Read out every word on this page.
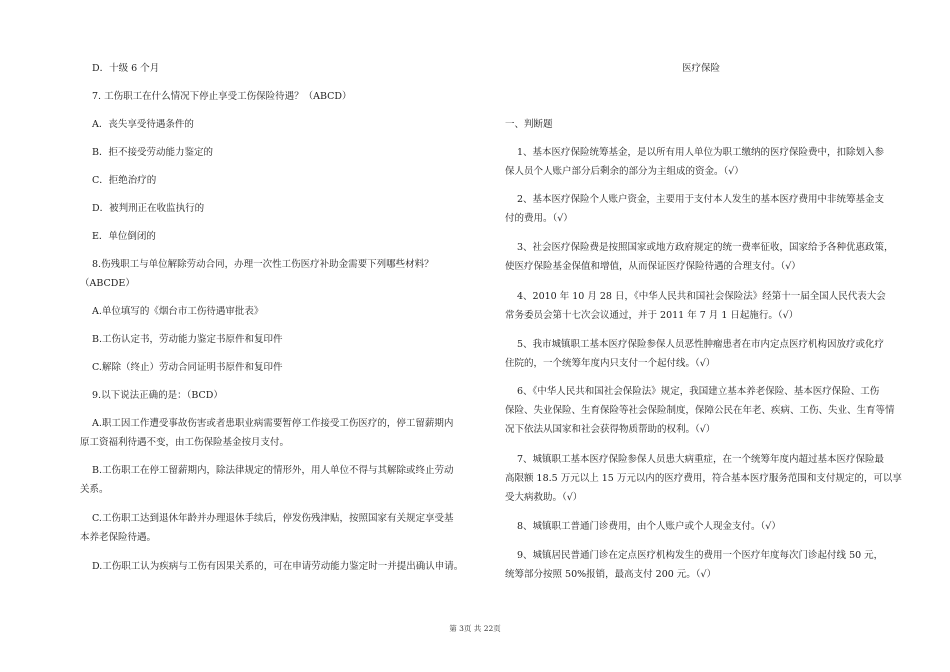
D．十级 6 个月
7. 工伤职工在什么情况下停止享受工伤保险待遇？（ABCD）
A．丧失享受待遇条件的
B．拒不接受劳动能力鉴定的
C．拒绝治疗的
D．被判刑正在收监执行的
E．单位倒闭的
8.伤残职工与单位解除劳动合同，办理一次性工伤医疗补助金需要下列哪些材料？
（ABCDE）
A.单位填写的《烟台市工伤待遇审批表》
B.工伤认定书，劳动能力鉴定书原件和复印件
C.解除（终止）劳动合同证明书原件和复印件
9.以下说法正确的是：（BCD）
A.职工因工作遭受事故伤害或者患职业病需要暂停工作接受工伤医疗的，停工留薪期内
原工资福利待遇不变，由工伤保险基金按月支付。
B.工伤职工在停工留薪期内，除法律规定的情形外，用人单位不得与其解除或终止劳动
关系。
C.工伤职工达到退休年龄并办理退休手续后，停发伤残津贴，按照国家有关规定享受基
本养老保险待遇。
D.工伤职工认为疾病与工伤有因果关系的，可在申请劳动能力鉴定时一并提出确认申请。
医疗保险
一、判断题
1、基本医疗保险统筹基金，是以所有用人单位为职工缴纳的医疗保险费中，扣除划入参
保人员个人账户部分后剩余的部分为主组成的资金。（√）
2、基本医疗保险个人账户资金，主要用于支付本人发生的基本医疗费用中非统筹基金支
付的费用。（√）
3、社会医疗保险费是按照国家或地方政府规定的统一费率征收，国家给予各种优惠政策，
使医疗保险基金保值和增值，从而保证医疗保险待遇的合理支付。（√）
4、2010 年 10 月 28 日，《中华人民共和国社会保险法》经第十一届全国人民代表大会
常务委员会第十七次会议通过，并于 2011 年 7 月 1 日起施行。（√）
5、我市城镇职工基本医疗保险参保人员恶性肿瘤患者在市内定点医疗机构因放疗或化疗
住院的，一个统筹年度内只支付一个起付线。（√）
6、《中华人民共和国社会保险法》规定，我国建立基本养老保险、基本医疗保险、工伤
保险、失业保险、生育保险等社会保险制度，保障公民在年老、疾病、工伤、失业、生育等情
况下依法从国家和社会获得物质帮助的权利。（√）
7、城镇职工基本医疗保险参保人员患大病重症，在一个统筹年度内超过基本医疗保险最
高限额 18.5 万元以上 15 万元以内的医疗费用，符合基本医疗服务范围和支付规定的，可以享
受大病救助。（√）
8、城镇职工普通门诊费用，由个人账户或个人现金支付。（√）
9、城镇居民普通门诊在定点医疗机构发生的费用一个医疗年度每次门诊起付线 50 元，
统筹部分按照 50%报销，最高支付 200 元。（√）
第 3页 共 22页
